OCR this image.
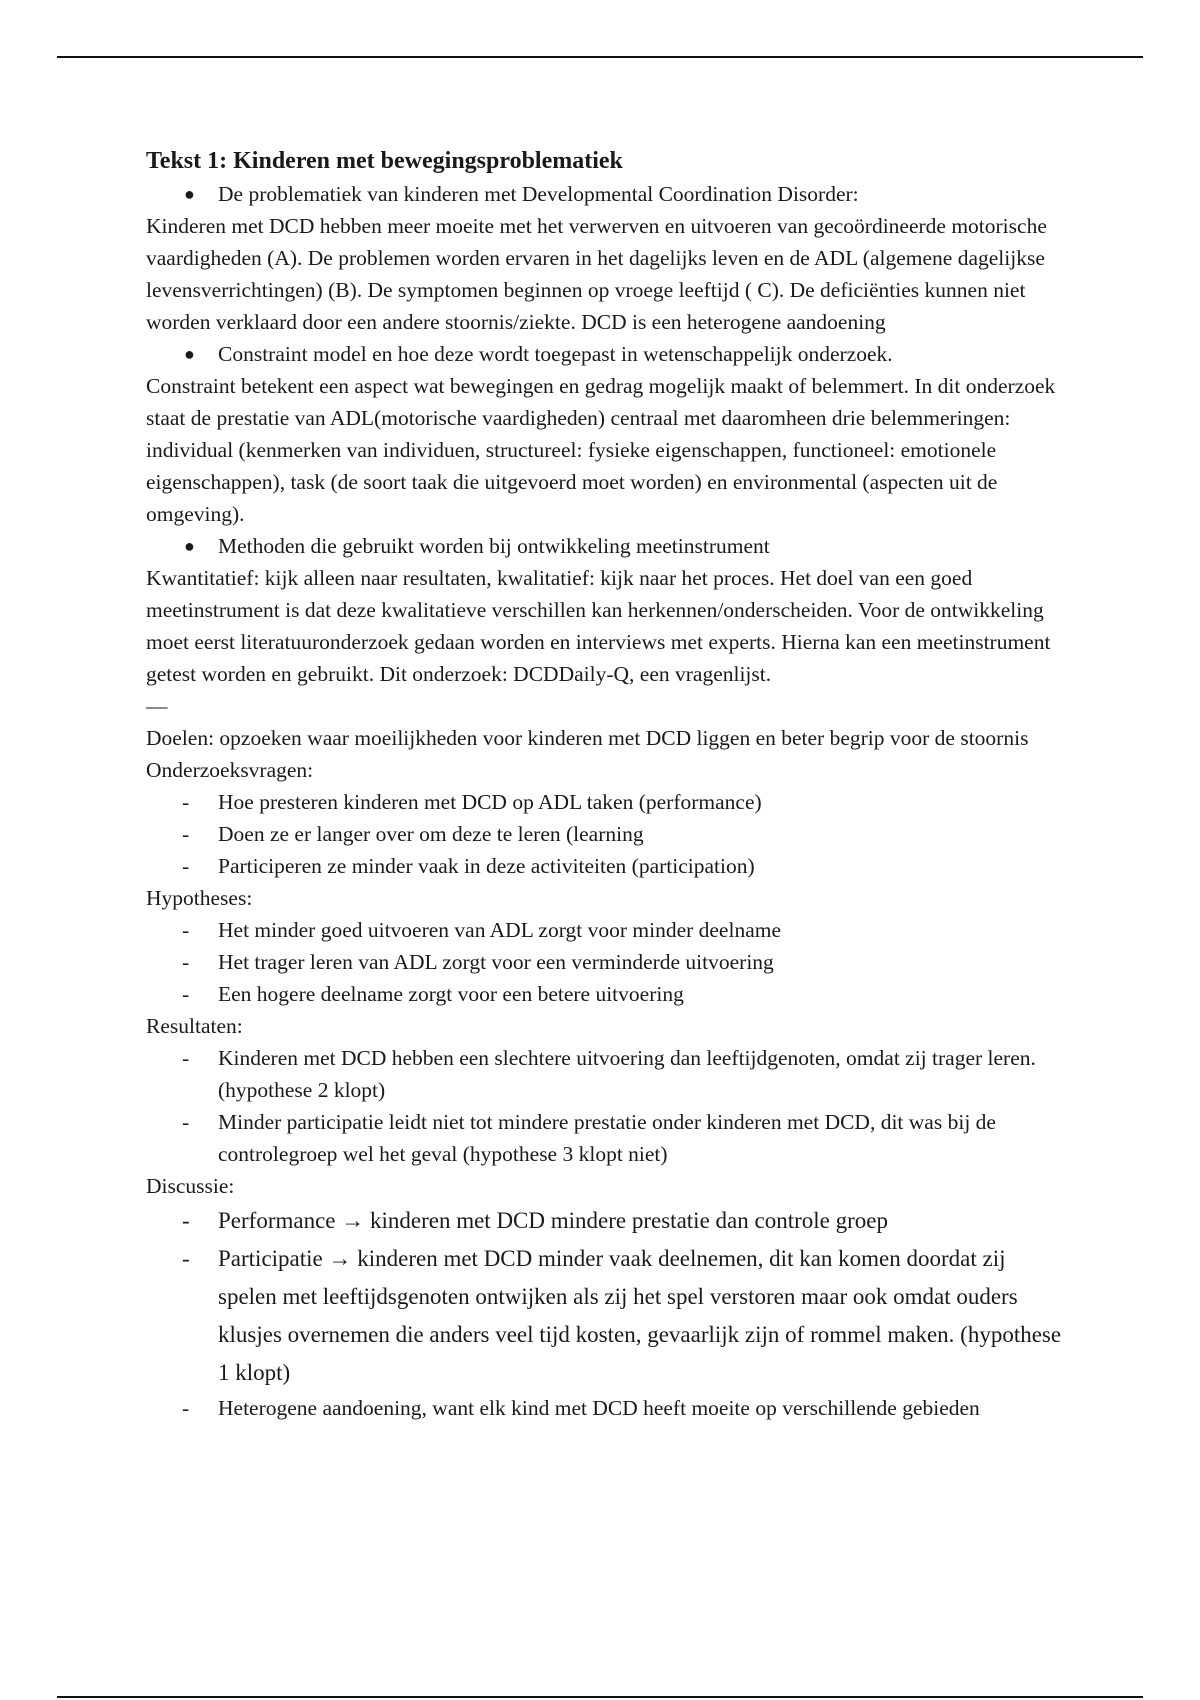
Tekst 1: Kinderen met bewegingsproblematiek

● De problematiek van kinderen met Developmental Coordination Disorder:

Kinderen met DCD hebben meer moeite met het verwerven en uitvoeren van gecoördineerde motorische vaardigheden (A). De problemen worden ervaren in het dagelijks leven en de ADL (algemene dagelijkse levensverrichtingen) (B). De symptomen beginnen op vroege leeftijd ( C). De deficiënties kunnen niet worden verklaard door een andere stoornis/ziekte. DCD is een heterogene aandoening

● Constraint model en hoe deze wordt toegepast in wetenschappelijk onderzoek.

Constraint betekent een aspect wat bewegingen en gedrag mogelijk maakt of belemmert. In dit onderzoek staat de prestatie van ADL(motorische vaardigheden) centraal met daaromheen drie belemmeringen: individual (kenmerken van individuen, structureel: fysieke eigenschappen, functioneel: emotionele eigenschappen), task (de soort taak die uitgevoerd moet worden) en environmental (aspecten uit de omgeving).

● Methoden die gebruikt worden bij ontwikkeling meetinstrument

Kwantitatief: kijk alleen naar resultaten, kwalitatief: kijk naar het proces. Het doel van een goed meetinstrument is dat deze kwalitatieve verschillen kan herkennen/onderscheiden. Voor de ontwikkeling moet eerst literatuuronderzoek gedaan worden en interviews met experts. Hierna kan een meetinstrument getest worden en gebruikt. Dit onderzoek: DCDDaily-Q, een vragenlijst.

—

Doelen: opzoeken waar moeilijkheden voor kinderen met DCD liggen en beter begrip voor de stoornis

Onderzoeksvragen:

- Hoe presteren kinderen met DCD op ADL taken (performance)
- Doen ze er langer over om deze te leren (learning
- Participeren ze minder vaak in deze activiteiten (participation)

Hypotheses:

- Het minder goed uitvoeren van ADL zorgt voor minder deelname
- Het trager leren van ADL zorgt voor een verminderde uitvoering
- Een hogere deelname zorgt voor een betere uitvoering

Resultaten:

- Kinderen met DCD hebben een slechtere uitvoering dan leeftijdgenoten, omdat zij trager leren. (hypothese 2 klopt)
- Minder participatie leidt niet tot mindere prestatie onder kinderen met DCD, dit was bij de controlegroep wel het geval (hypothese 3 klopt niet)

Discussie:

- Performance → kinderen met DCD mindere prestatie dan controle groep
- Participatie → kinderen met DCD minder vaak deelnemen, dit kan komen doordat zij spelen met leeftijdsgenoten ontwijken als zij het spel verstoren maar ook omdat ouders klusjes overnemen die anders veel tijd kosten, gevaarlijk zijn of rommel maken. (hypothese 1 klopt)
- Heterogene aandoening, want elk kind met DCD heeft moeite op verschillende gebieden
